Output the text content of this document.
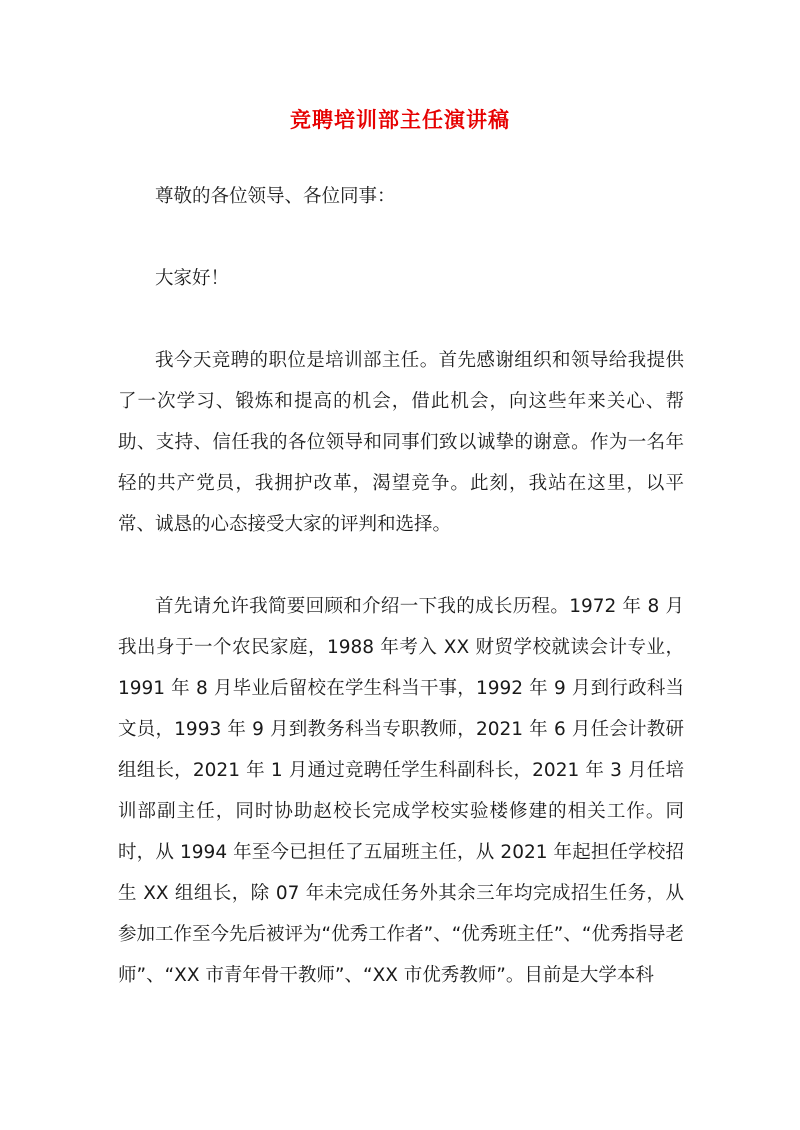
竞聘培训部主任演讲稿

尊敬的各位领导、各位同事：

大家好！

我今天竞聘的职位是培训部主任。首先感谢组织和领导给我提供了一次学习、锻炼和提高的机会，借此机会，向这些年来关心、帮助、支持、信任我的各位领导和同事们致以诚挚的谢意。作为一名年轻的共产党员，我拥护改革，渴望竞争。此刻，我站在这里，以平常、诚恳的心态接受大家的评判和选择。

首先请允许我简要回顾和介绍一下我的成长历程。1972 年 8 月我出身于一个农民家庭，1988 年考入 XX 财贸学校就读会计专业，1991 年 8 月毕业后留校在学生科当干事，1992 年 9 月到行政科当文员，1993 年 9 月到教务科当专职教师，2021 年 6 月任会计教研组组长，2021 年 1 月通过竞聘任学生科副科长，2021 年 3 月任培训部副主任，同时协助赵校长完成学校实验楼修建的相关工作。同时，从 1994 年至今已担任了五届班主任，从 2021 年起担任学校招生 XX 组组长，除 07 年未完成任务外其余三年均完成招生任务，从参加工作至今先后被评为“优秀工作者”、“优秀班主任”、“优秀指导老师”、“XX 市青年骨干教师”、“XX 市优秀教师”。目前是大学本科
